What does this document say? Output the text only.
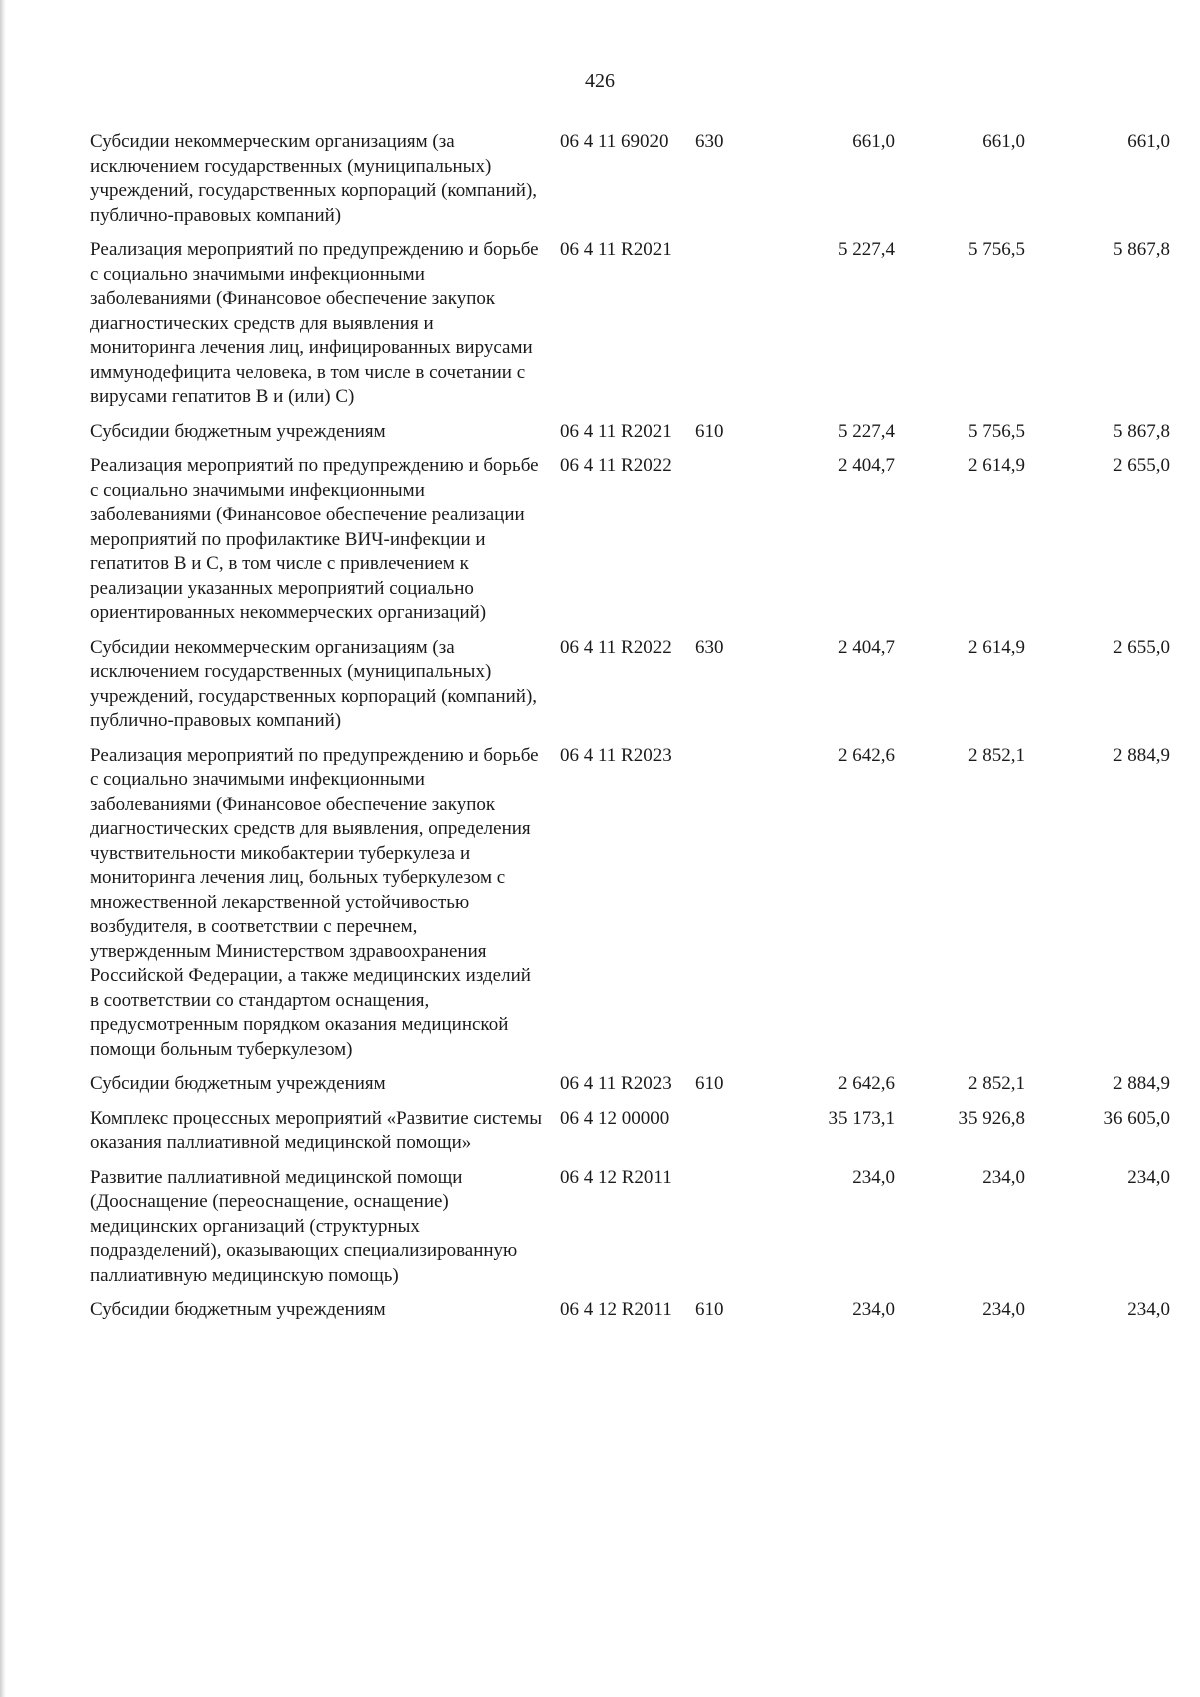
426
Субсидии некоммерческим организациям (за исключением государственных (муниципальных) учреждений, государственных корпораций (компаний), публично-правовых компаний)	06 4 11 69020	630	661,0	661,0	661,0
Реализация мероприятий по предупреждению и борьбе с социально значимыми инфекционными заболеваниями (Финансовое обеспечение закупок диагностических средств для выявления и мониторинга лечения лиц, инфицированных вирусами иммунодефицита человека, в том числе в сочетании с вирусами гепатитов B и (или) C)	06 4 11 R2021		5 227,4	5 756,5	5 867,8
Субсидии бюджетным учреждениям	06 4 11 R2021	610	5 227,4	5 756,5	5 867,8
Реализация мероприятий по предупреждению и борьбе с социально значимыми инфекционными заболеваниями (Финансовое обеспечение реализации мероприятий по профилактике ВИЧ-инфекции и гепатитов B и C, в том числе с привлечением к реализации указанных мероприятий социально ориентированных некоммерческих организаций)	06 4 11 R2022		2 404,7	2 614,9	2 655,0
Субсидии некоммерческим организациям (за исключением государственных (муниципальных) учреждений, государственных корпораций (компаний), публично-правовых компаний)	06 4 11 R2022	630	2 404,7	2 614,9	2 655,0
Реализация мероприятий по предупреждению и борьбе с социально значимыми инфекционными заболеваниями (Финансовое обеспечение закупок диагностических средств для выявления, определения чувствительности микобактерии туберкулеза и мониторинга лечения лиц, больных туберкулезом с множественной лекарственной устойчивостью возбудителя, в соответствии с перечнем, утвержденным Министерством здравоохранения Российской Федерации, а также медицинских изделий в соответствии со стандартом оснащения, предусмотренным порядком оказания медицинской помощи больным туберкулезом)	06 4 11 R2023		2 642,6	2 852,1	2 884,9
Субсидии бюджетным учреждениям	06 4 11 R2023	610	2 642,6	2 852,1	2 884,9
Комплекс процессных мероприятий «Развитие системы оказания паллиативной медицинской помощи»	06 4 12 00000		35 173,1	35 926,8	36 605,0
Развитие паллиативной медицинской помощи (Дооснащение (переоснащение, оснащение) медицинских организаций (структурных подразделений), оказывающих специализированную паллиативную медицинскую помощь)	06 4 12 R2011		234,0	234,0	234,0
Субсидии бюджетным учреждениям	06 4 12 R2011	610	234,0	234,0	234,0
